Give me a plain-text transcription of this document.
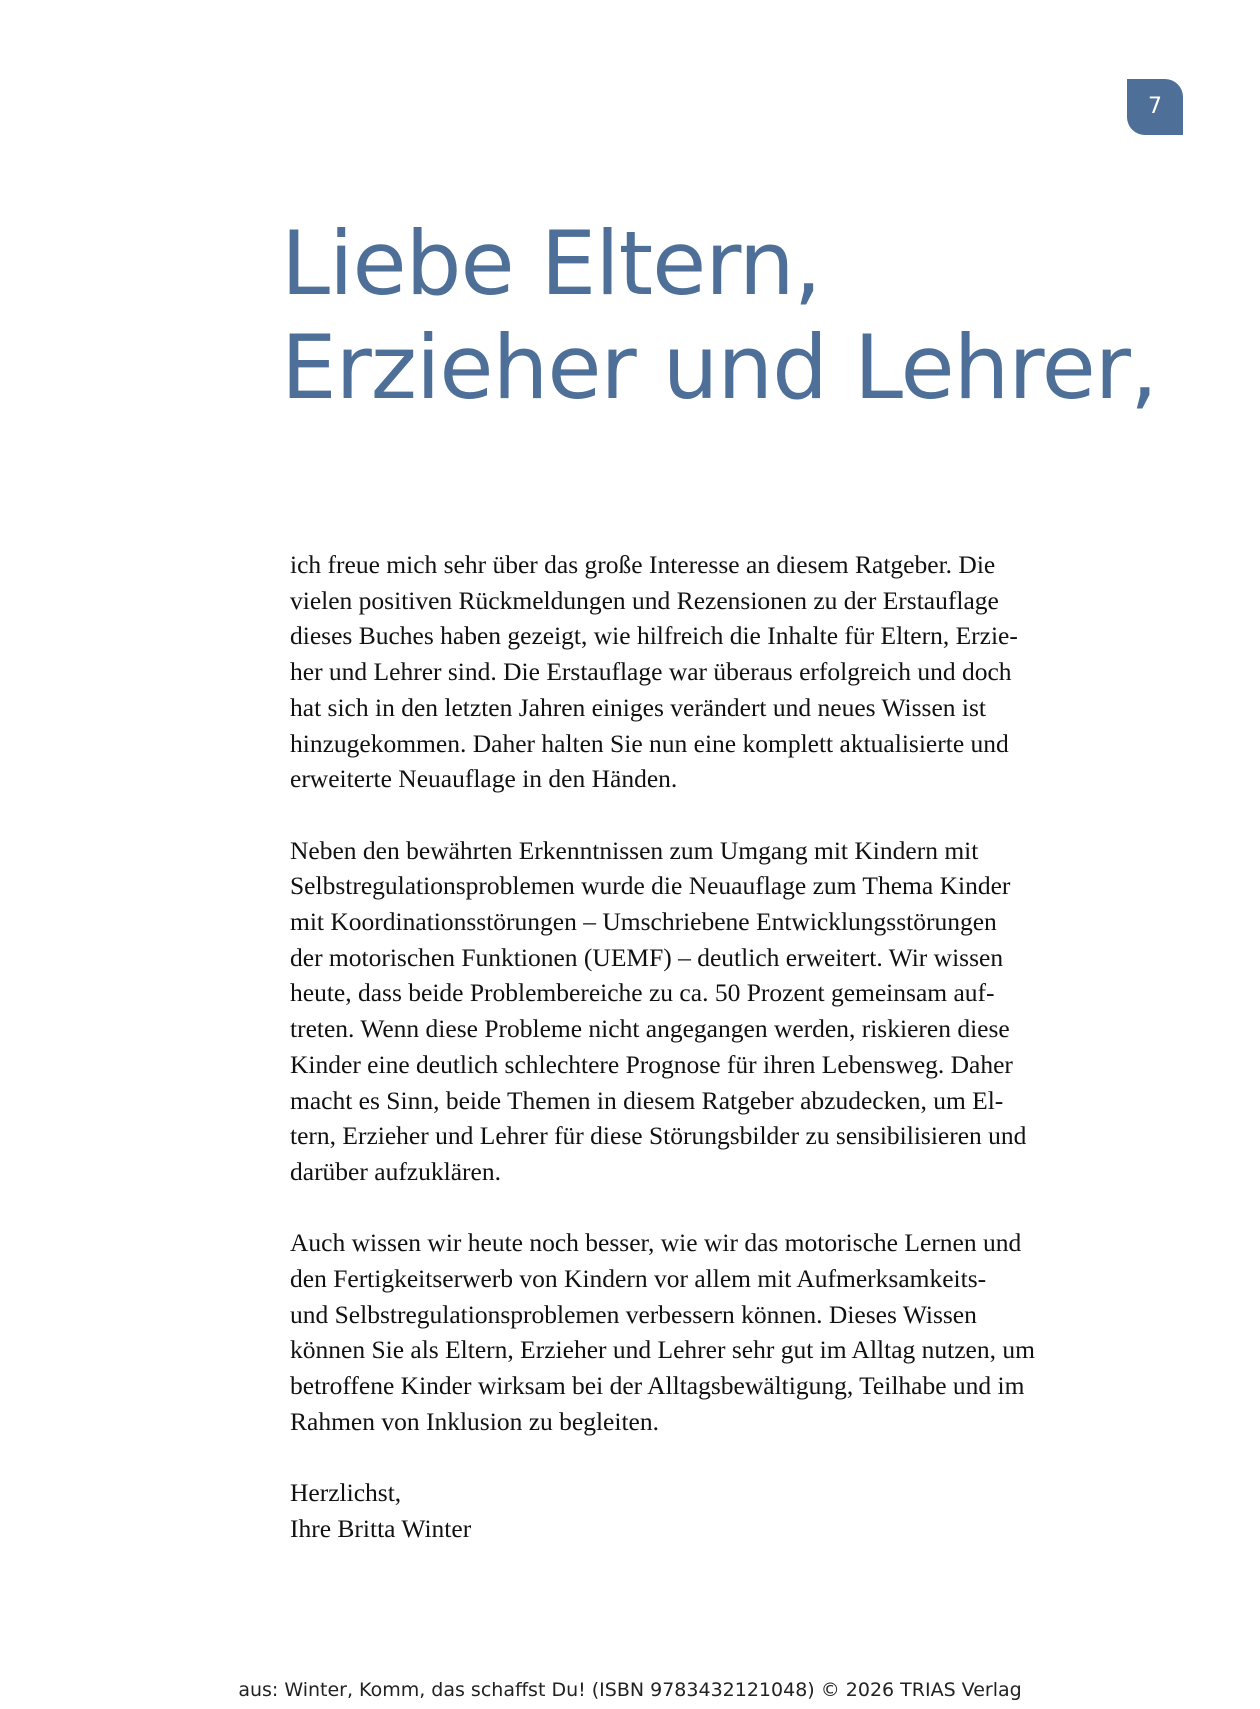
7
Liebe Eltern,
Erzieher und Lehrer,

ich freue mich sehr über das große Interesse an diesem Ratgeber. Die
vielen positiven Rückmeldungen und Rezensionen zu der Erstauflage
dieses Buches haben gezeigt, wie hilfreich die Inhalte für Eltern, Erzie-
her und Lehrer sind. Die Erstauflage war überaus erfolgreich und doch
hat sich in den letzten Jahren einiges verändert und neues Wissen ist
hinzugekommen. Daher halten Sie nun eine komplett aktualisierte und
erweiterte Neuauflage in den Händen.

Neben den bewährten Erkenntnissen zum Umgang mit Kindern mit
Selbstregulationsproblemen wurde die Neuauflage zum Thema Kinder
mit Koordinationsstörungen – Umschriebene Entwicklungsstörungen
der motorischen Funktionen (UEMF) – deutlich erweitert. Wir wissen
heute, dass beide Problembereiche zu ca. 50 Prozent gemeinsam auf-
treten. Wenn diese Probleme nicht angegangen werden, riskieren diese
Kinder eine deutlich schlechtere Prognose für ihren Lebensweg. Daher
macht es Sinn, beide Themen in diesem Ratgeber abzudecken, um El-
tern, Erzieher und Lehrer für diese Störungsbilder zu sensibilisieren und
darüber aufzuklären.

Auch wissen wir heute noch besser, wie wir das motorische Lernen und
den Fertigkeitserwerb von Kindern vor allem mit Aufmerksamkeits-
und Selbstregulationsproblemen verbessern können. Dieses Wissen
können Sie als Eltern, Erzieher und Lehrer sehr gut im Alltag nutzen, um
betroffene Kinder wirksam bei der Alltagsbewältigung, Teilhabe und im
Rahmen von Inklusion zu begleiten.

Herzlichst,
Ihre Britta Winter

aus: Winter, Komm, das schaffst Du! (ISBN 9783432121048) © 2026 TRIAS Verlag
